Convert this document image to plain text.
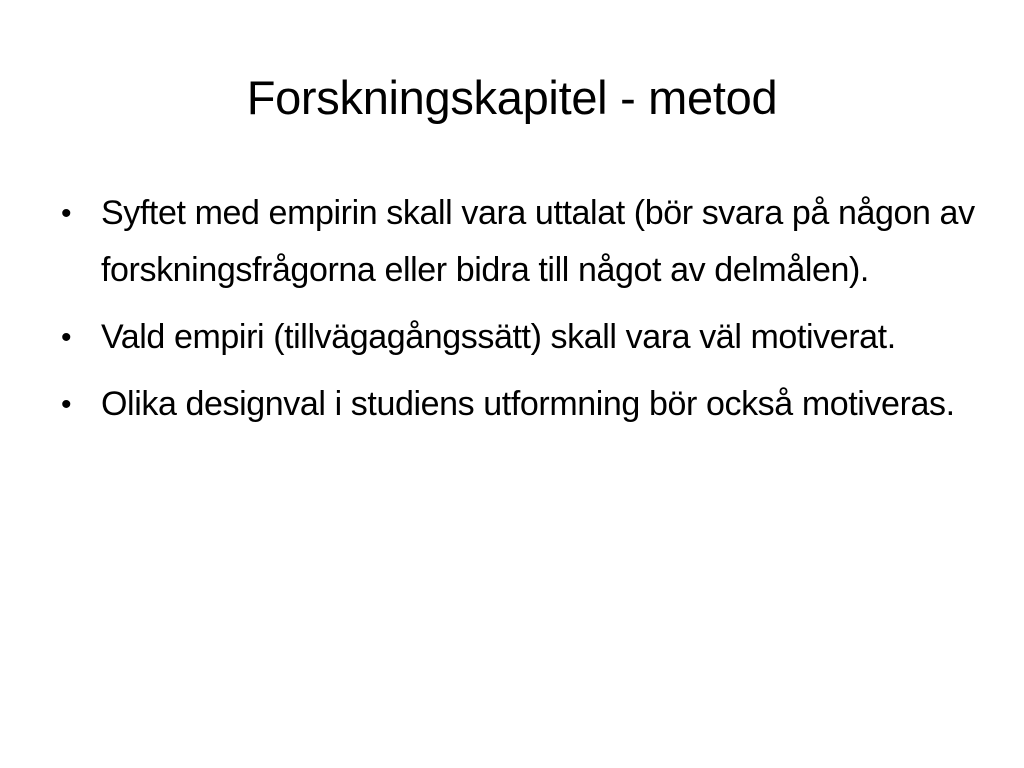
Forskningskapitel - metod
• Syftet med empirin skall vara uttalat (bör svara på någon av forskningsfrågorna eller bidra till något av delmålen).
• Vald empiri (tillvägagångssätt) skall vara väl motiverat.
• Olika designval i studiens utformning bör också motiveras.
